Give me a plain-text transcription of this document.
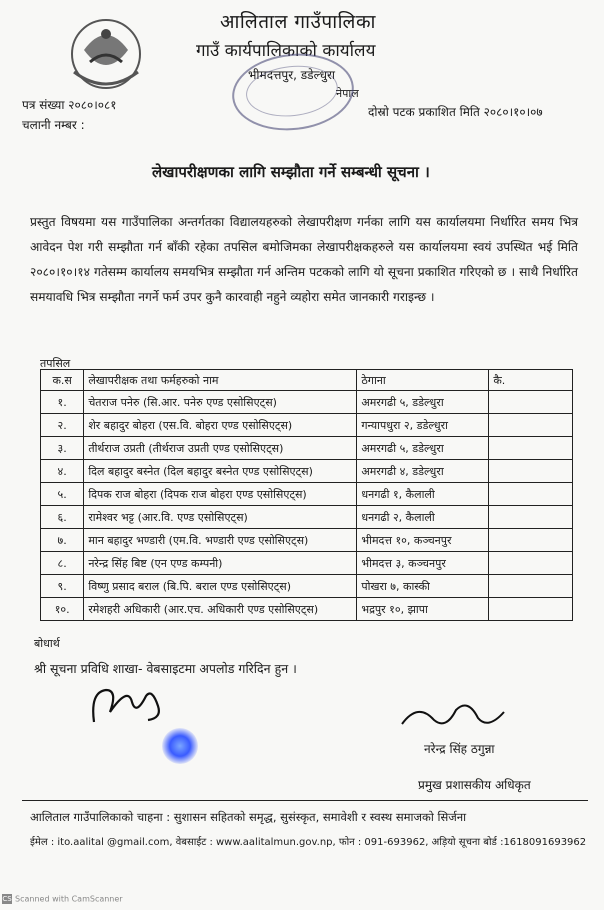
आलिताल गाउँपालिका
गाउँ कार्यपालिकाको कार्यालय
भीमदत्तपुर, डडेल्धुरा
नेपाल
पत्र संख्या २०८०।०८१
चलानी नम्बर :
दोस्रो पटक प्रकाशित मिति २०८०।१०।०७
लेखापरीक्षणका लागि सम्झौता गर्ने सम्बन्धी सूचना ।
प्रस्तुत विषयमा यस गाउँपालिका अन्तर्गतका विद्यालयहरुको लेखापरीक्षण गर्नका लागि यस कार्यालयमा निर्धारित समय भित्र आवेदन पेश गरी सम्झौता गर्न बाँकी रहेका तपसिल बमोजिमका लेखापरीक्षकहरुले यस कार्यालयमा स्वयं उपस्थित भई मिति २०८०।१०।१४ गतेसम्म कार्यालय समयभित्र सम्झौता गर्न अन्तिम पटकको लागि यो सूचना प्रकाशित गरिएको छ । साथै निर्धारित समयावधि भित्र सम्झौता नगर्ने फर्म उपर कुनै कारवाही नहुने व्यहोरा समेत जानकारी गराइन्छ ।
तपसिल
क.स	लेखापरीक्षक तथा फर्महरुको नाम	ठेगाना	कै.
१.	चेतराज पनेरु (सि.आर. पनेरु एण्ड एसोसिएट्स)	अमरगढी ५, डडेल्धुरा	
२.	शेर बहादुर बोहरा (एस.वि. बोहरा एण्ड एसोसिएट्स)	गन्यापधुरा २, डडेल्धुरा	
३.	तीर्थराज उप्रती (तीर्थराज उप्रती एण्ड एसोसिएट्स)	अमरगढी ५, डडेल्धुरा	
४.	दिल बहादुर बस्नेत (दिल बहादुर बस्नेत एण्ड एसोसिएट्स)	अमरगढी ४, डडेल्धुरा	
५.	दिपक राज बोहरा (दिपक राज बोहरा एण्ड एसोसिएट्स)	धनगढी १, कैलाली	
६.	रामेश्वर भट्ट (आर.वि. एण्ड एसोसिएट्स)	धनगढी २, कैलाली	
७.	मान बहादुर भण्डारी (एम.वि. भण्डारी एण्ड एसोसिएट्स)	भीमदत्त १०, कञ्चनपुर	
८.	नरेन्द्र सिंह बिष्ट (एन एण्ड कम्पनी)	भीमदत्त ३, कञ्चनपुर	
९.	विष्णु प्रसाद बराल (बि.पि. बराल एण्ड एसोसिएट्स)	पोखरा ७, कास्की	
१०.	रमेशहरी अधिकारी (आर.एच. अधिकारी एण्ड एसोसिएट्स)	भद्रपुर १०, झापा	
बोधार्थ
श्री सूचना प्रविधि शाखा- वेबसाइटमा अपलोड गरिदिन हुन ।
नरेन्द्र सिंह ठगुन्ना
प्रमुख प्रशासकीय अधिकृत
आलिताल गाउँपालिकाको चाहना : सुशासन सहितको समृद्ध, सुसंस्कृत, समावेशी र स्वस्थ समाजको सिर्जना
ईमेल : ito.aalital @gmail.com, वेबसाईट : www.aalitalmun.gov.np, फोन : 091-693962, अड़ियो सूचना बोर्ड :1618091693962
CS Scanned with CamScanner
